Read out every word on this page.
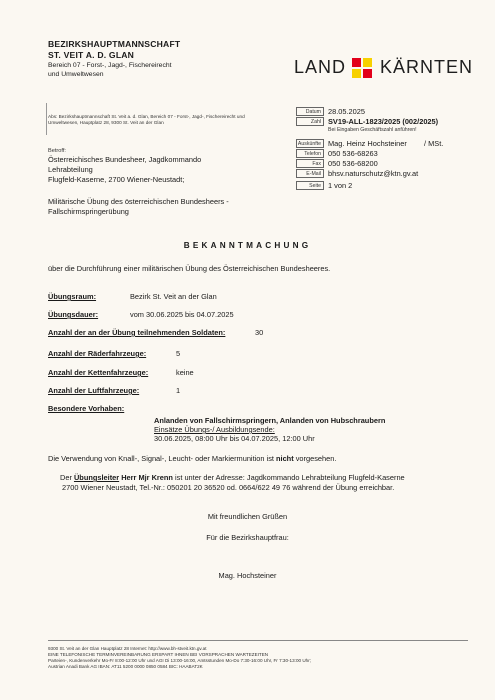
BEZIRKSHAUPTMANNSCHAFT
ST. VEIT A. D. GLAN
Bereich 07 - Forst-, Jagd-, Fischereirecht und Umweltwesen	LAND KÄRNTEN
Abs: Bezirkshauptmannschaft St. Veit a. d. Glan, Bereich 07 - Forst-, Jagd-, Fischereirecht und Umweltwesen, Hauptplatz 28, 9300 St. Veit an der Glan
Betroff:
Österreichisches Bundesheer, Jagdkommando
Lehrabteilung
Flugfeld-Kaserne, 2700 Wiener-Neustadt;
Militärische Übung des österreichischen Bundesheers - Fallschirmspringerübung
Datum 28.05.2025
Zahl SV19-ALL-1823/2025 (002/2025)
Bei Eingaben Geschäftszahl anführen!
Auskünfte Mag. Heinz Hochsteiner / MSt.
Telefon 050 536-68263
Fax 050 536-68200
E-Mail bhsv.naturschutz@ktn.gv.at
Seite 1 von 2
BEKANNTMACHUNG
über die Durchführung einer militärischen Übung des Österreichischen Bundesheeres.
Übungsraum:	Bezirk St. Veit an der Glan
Übungsdauer:	vom 30.06.2025 bis 04.07.2025
Anzahl der an der Übung teilnehmenden Soldaten:	30
Anzahl der Räderfahrzeuge:	5
Anzahl der Kettenfahrzeuge:	keine
Anzahl der Luftfahrzeuge:	1
Besondere Vorhaben:
Anlanden von Fallschirmspringern, Anlanden von Hubschraubern
Einsätze Übungs-/ Ausbildungsende:
30.06.2025, 08:00 Uhr bis 04.07.2025, 12:00 Uhr
Die Verwendung von Knall-, Signal-, Leucht- oder Markiermunition ist nicht vorgesehen.
Der Übungsleiter Herr Mjr Krenn ist unter der Adresse: Jagdkommando Lehrabteilung Flugfeld-Kaserne
2700 Wiener Neustadt, Tel.-Nr.: 050201 20 36520 od. 0664/622 49 76 während der Übung erreichbar.
Mit freundlichen Grüßen
Für die Bezirkshauptfrau:
Mag. Hochsteiner
9300 St. Veit an der Glan Hauptplatz 28 Internet: http://www.bh-stveit.ktn.gv.at
EINE TELEFONISCHE TERMINVEREINBARUNG ERSPART IHNEN BEI VORSPRACHEN WARTEZEITEN
Parteien-, Kundenverkehr Mo-Fr 8:00-12:00 Uhr und AGI Di 13:00-16:00, Amtsstunden Mo-Do 7:30-16:00 Uhr, Fr 7:30-13:00 Uhr;
Austrian Anadi Bank AG IBAN: AT11 5200 0000 0850 0584 BIC: HAABAT2K
